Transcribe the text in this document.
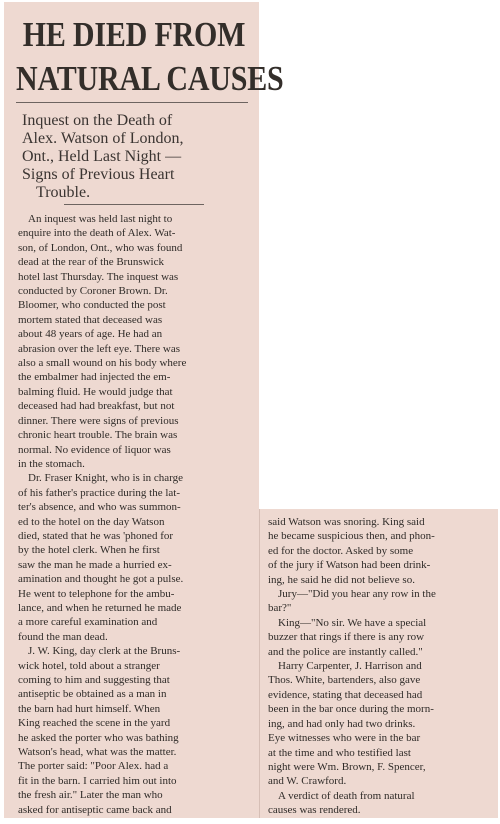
HE DIED FROM
NATURAL CAUSES
Inquest on the Death of
Alex. Watson of London,
Ont., Held Last Night —
Signs of Previous Heart
Trouble.
An inquest was held last night to
enquire into the death of Alex. Wat-
son, of London, Ont., who was found
dead at the rear of the Brunswick
hotel last Thursday. The inquest was
conducted by Coroner Brown. Dr.
Bloomer, who conducted the post
mortem stated that deceased was
about 48 years of age. He had an
abrasion over the left eye. There was
also a small wound on his body where
the embalmer had injected the em-
balming fluid. He would judge that
deceased had had breakfast, but not
dinner. There were signs of previous
chronic heart trouble. The brain was
normal. No evidence of liquor was
in the stomach.
Dr. Fraser Knight, who is in charge
of his father's practice during the lat-
ter's absence, and who was summon-
ed to the hotel on the day Watson
died, stated that he was 'phoned for
by the hotel clerk. When he first
saw the man he made a hurried ex-
amination and thought he got a pulse.
He went to telephone for the ambu-
lance, and when he returned he made
a more careful examination and
found the man dead.
J. W. King, day clerk at the Bruns-
wick hotel, told about a stranger
coming to him and suggesting that
antiseptic be obtained as a man in
the barn had hurt himself. When
King reached the scene in the yard
he asked the porter who was bathing
Watson's head, what was the matter.
The porter said: "Poor Alex. had a
fit in the barn. I carried him out into
the fresh air." Later the man who
asked for antiseptic came back and
said Watson was snoring. King said
he became suspicious then, and phon-
ed for the doctor. Asked by some
of the jury if Watson had been drink-
ing, he said he did not believe so.
Jury—"Did you hear any row in the
bar?"
King—"No sir. We have a special
buzzer that rings if there is any row
and the police are instantly called."
Harry Carpenter, J. Harrison and
Thos. White, bartenders, also gave
evidence, stating that deceased had
been in the bar once during the morn-
ing, and had only had two drinks.
Eye witnesses who were in the bar
at the time and who testified last
night were Wm. Brown, F. Spencer,
and W. Crawford.
A verdict of death from natural
causes was rendered.
